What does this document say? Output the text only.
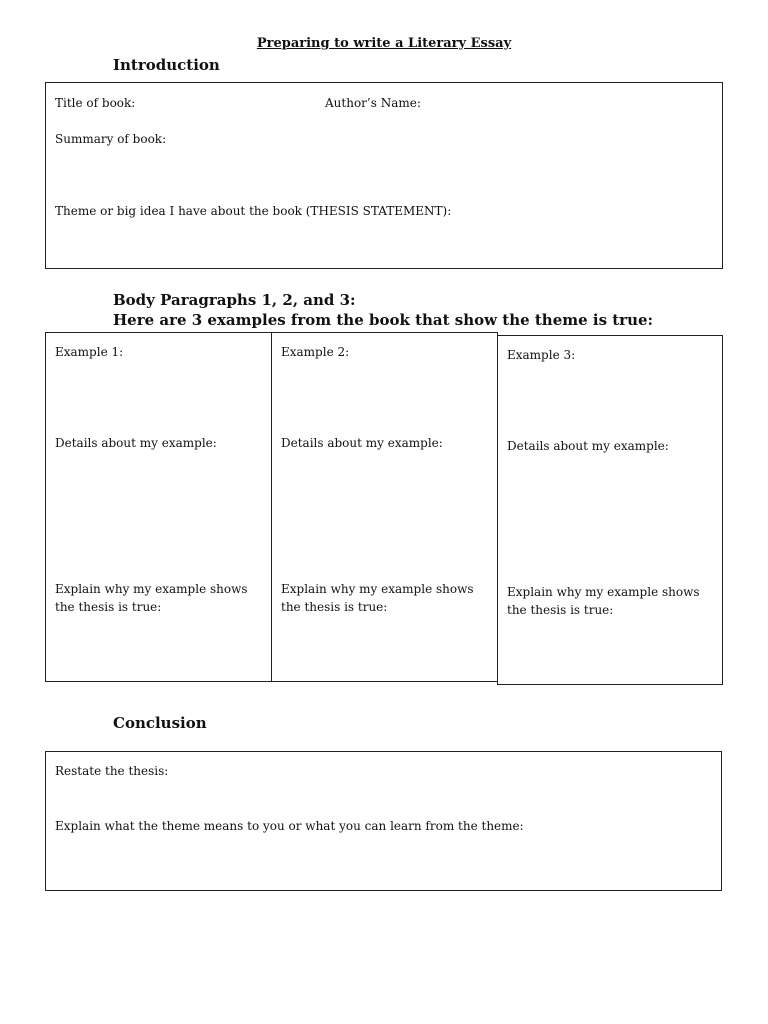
Preparing to write a Literary Essay
Introduction
Title of book:	Author’s Name:
Summary of book:
Theme or big idea I have about the book (THESIS STATEMENT):
Body Paragraphs 1, 2, and 3:
Here are 3 examples from the book that show the theme is true:
Example 1:
Details about my example:
Explain why my example shows the thesis is true:
Example 2:
Details about my example:
Explain why my example shows the thesis is true:
Example 3:
Details about my example:
Explain why my example shows the thesis is true:
Conclusion
Restate the thesis:
Explain what the theme means to you or what you can learn from the theme:
